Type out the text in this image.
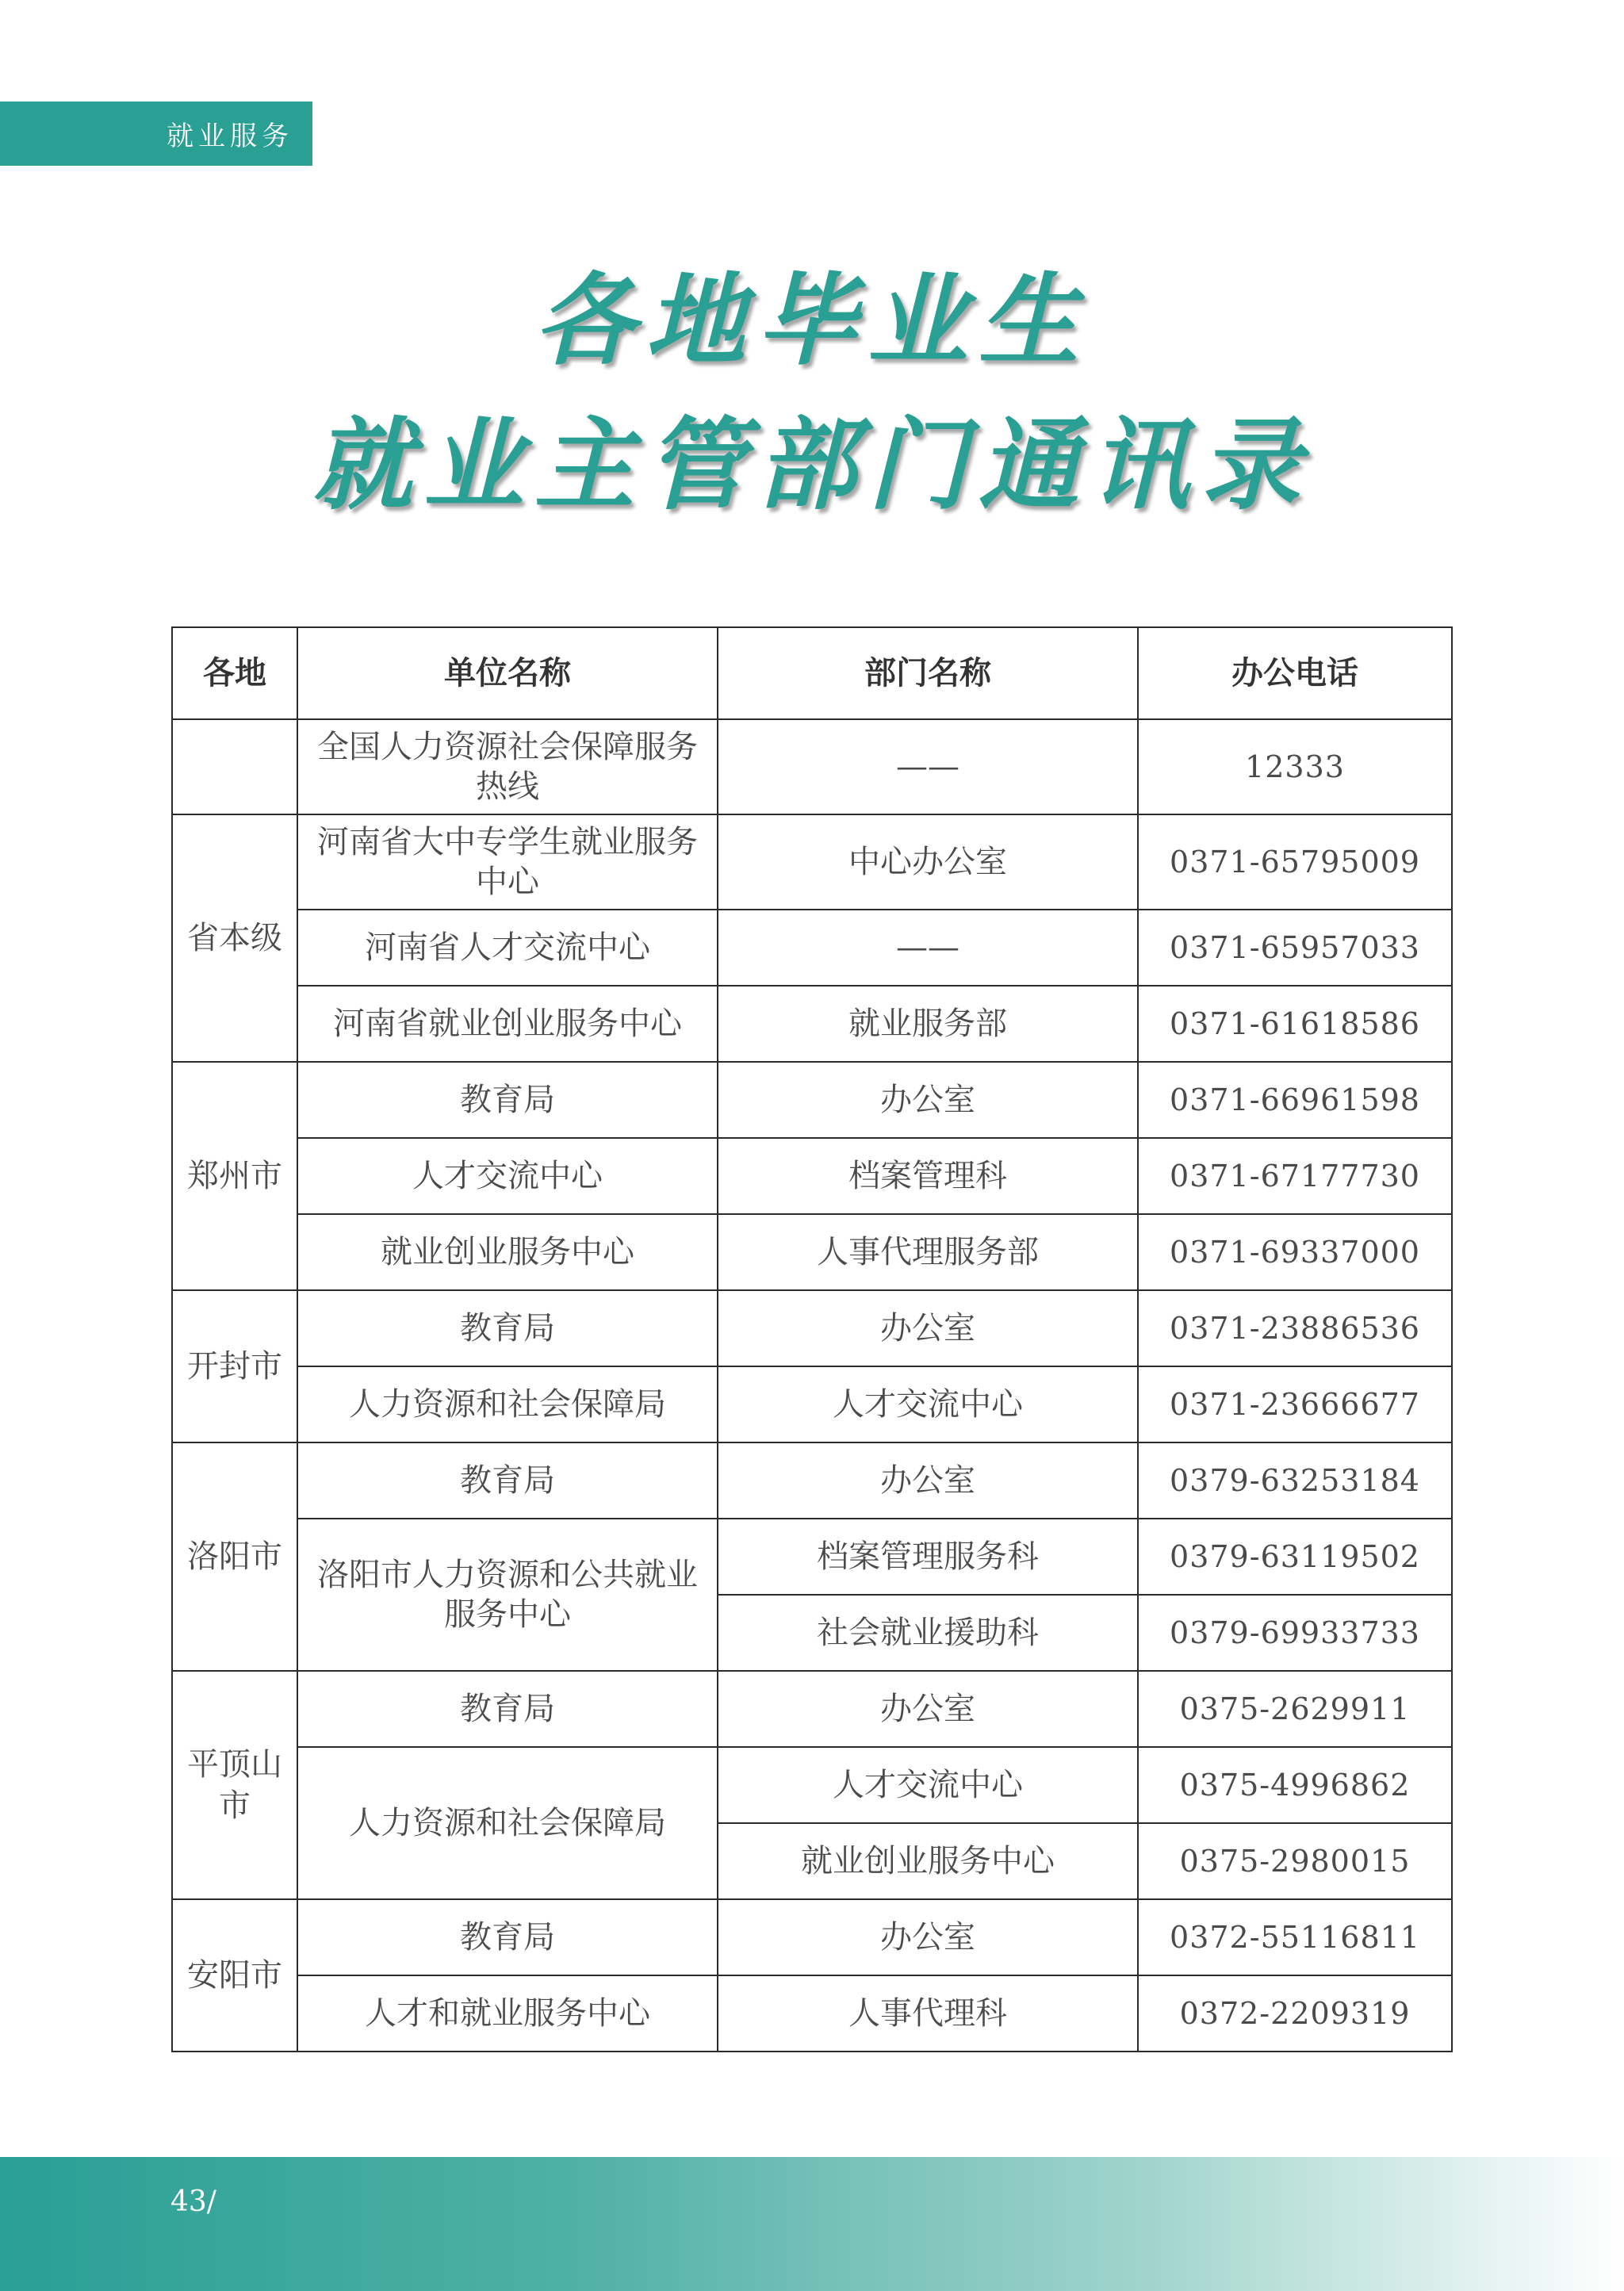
就业服务
各地毕业生
就业主管部门通讯录
各地	单位名称	部门名称	办公电话
	全国人力资源社会保障服务热线	——	12333
省本级	河南省大中专学生就业服务中心	中心办公室	0371-65795009
	河南省人才交流中心	——	0371-65957033
	河南省就业创业服务中心	就业服务部	0371-61618586
郑州市	教育局	办公室	0371-66961598
	人才交流中心	档案管理科	0371-67177730
	就业创业服务中心	人事代理服务部	0371-69337000
开封市	教育局	办公室	0371-23886536
	人力资源和社会保障局	人才交流中心	0371-23666677
洛阳市	教育局	办公室	0379-63253184
	洛阳市人力资源和公共就业服务中心	档案管理服务科	0379-63119502
		社会就业援助科	0379-69933733
平顶山市	教育局	办公室	0375-2629911
	人力资源和社会保障局	人才交流中心	0375-4996862
		就业创业服务中心	0375-2980015
安阳市	教育局	办公室	0372-55116811
	人才和就业服务中心	人事代理科	0372-2209319
43/
